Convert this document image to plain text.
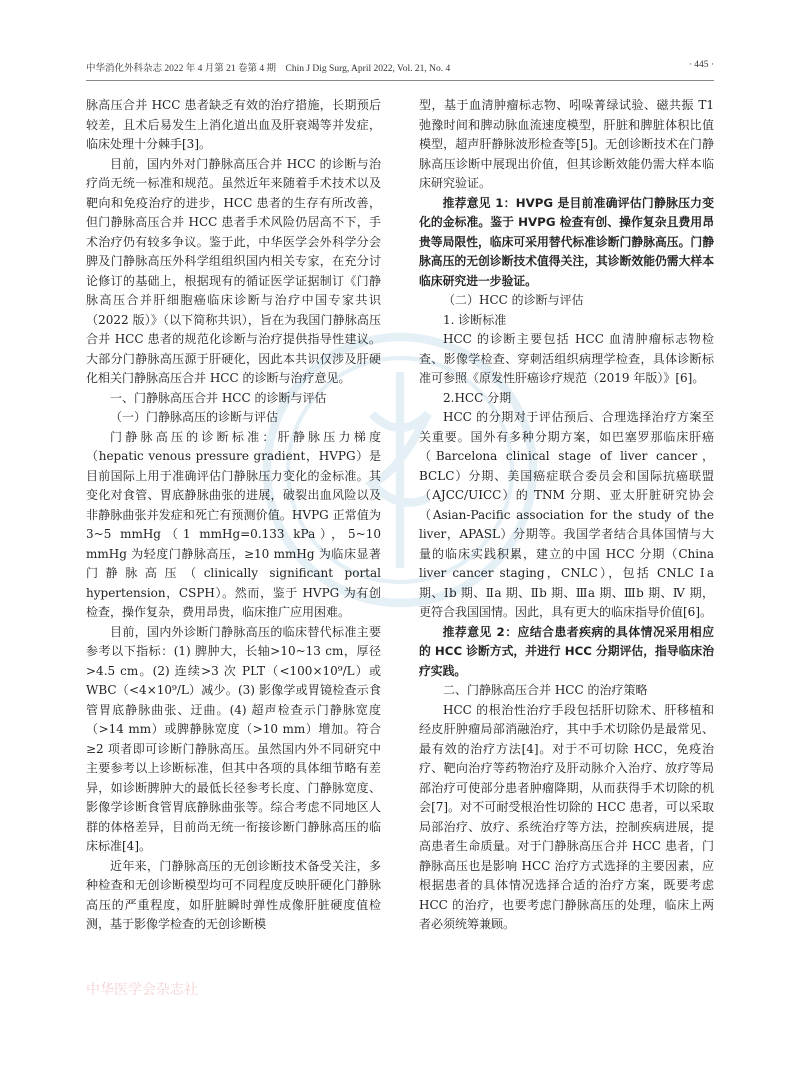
中华消化外科杂志 2022 年 4 月第 21 卷第 4 期　Chin J Dig Surg, April 2022, Vol. 21, No. 4	· 445 ·

脉高压合并 HCC 患者缺乏有效的治疗措施，长期预后较差，且术后易发生上消化道出血及肝衰竭等并发症，临床处理十分棘手[3]。

目前，国内外对门静脉高压合并 HCC 的诊断与治疗尚无统一标准和规范。虽然近年来随着手术技术以及靶向和免疫治疗的进步，HCC 患者的生存有所改善，但门静脉高压合并 HCC 患者手术风险仍居高不下，手术治疗仍有较多争议。鉴于此，中华医学会外科学分会脾及门静脉高压外科学组组织国内相关专家，在充分讨论修订的基础上，根据现有的循证医学证据制订《门静脉高压合并肝细胞癌临床诊断与治疗中国专家共识（2022 版）》（以下简称共识），旨在为我国门静脉高压合并 HCC 患者的规范化诊断与治疗提供指导性建议。大部分门静脉高压源于肝硬化，因此本共识仅涉及肝硬化相关门静脉高压合并 HCC 的诊断与治疗意见。

一、门静脉高压合并 HCC 的诊断与评估

（一）门静脉高压的诊断与评估

门静脉高压的诊断标准：肝静脉压力梯度（hepatic venous pressure gradient，HVPG）是目前国际上用于准确评估门静脉压力变化的金标准。其变化对食管、胃底静脉曲张的进展，破裂出血风险以及非静脉曲张并发症和死亡有预测价值。HVPG 正常值为 3~5 mmHg（1 mmHg=0.133 kPa），5~10 mmHg 为轻度门静脉高压，≥10 mmHg 为临床显著门静脉高压（clinically significant portal hypertension，CSPH）。然而，鉴于 HVPG 为有创检查，操作复杂，费用昂贵，临床推广应用困难。

目前，国内外诊断门静脉高压的临床替代标准主要参考以下指标：(1) 脾肿大，长轴>10~13 cm，厚径>4.5 cm。(2) 连续>3 次 PLT（<100×10⁹/L）或 WBC（<4×10⁹/L）减少。(3) 影像学或胃镜检查示食管胃底静脉曲张、迂曲。(4) 超声检查示门静脉宽度（>14 mm）或脾静脉宽度（>10 mm）增加。符合≥2 项者即可诊断门静脉高压。虽然国内外不同研究中主要参考以上诊断标准，但其中各项的具体细节略有差异，如诊断脾肿大的最低长径参考长度、门静脉宽度、影像学诊断食管胃底静脉曲张等。综合考虑不同地区人群的体格差异，目前尚无统一衔接诊断门静脉高压的临床标准[4]。

近年来，门静脉高压的无创诊断技术备受关注，多种检查和无创诊断模型均可不同程度反映肝硬化门静脉高压的严重程度，如肝脏瞬时弹性成像肝脏硬度值检测，基于影像学检查的无创诊断模

型，基于血清肿瘤标志物、吲哚菁绿试验、磁共振 T1 弛豫时间和脾动脉血流速度模型，肝脏和脾脏体积比值模型，超声肝静脉波形检查等[5]。无创诊断技术在门静脉高压诊断中展现出价值，但其诊断效能仍需大样本临床研究验证。

推荐意见 1：HVPG 是目前准确评估门静脉压力变化的金标准。鉴于 HVPG 检查有创、操作复杂且费用昂贵等局限性，临床可采用替代标准诊断门静脉高压。门静脉高压的无创诊断技术值得关注，其诊断效能仍需大样本临床研究进一步验证。

（二）HCC 的诊断与评估

1. 诊断标准

HCC 的诊断主要包括 HCC 血清肿瘤标志物检查、影像学检查、穿刺活组织病理学检查，具体诊断标准可参照《原发性肝癌诊疗规范（2019 年版）》[6]。

2.HCC 分期

HCC 的分期对于评估预后、合理选择治疗方案至关重要。国外有多种分期方案，如巴塞罗那临床肝癌（Barcelona clinical stage of liver cancer，BCLC）分期、美国癌症联合委员会和国际抗癌联盟（AJCC/UICC）的 TNM 分期、亚太肝脏研究协会（Asian-Pacific association for the study of the liver，APASL）分期等。我国学者结合具体国情与大量的临床实践积累，建立的中国 HCC 分期（China liver cancer staging，CNLC），包括 CNLC Ⅰa 期、Ⅰb 期、Ⅱa 期、Ⅱb 期、Ⅲa 期、Ⅲb 期、Ⅳ 期，更符合我国国情。因此，具有更大的临床指导价值[6]。

推荐意见 2：应结合患者疾病的具体情况采用相应的 HCC 诊断方式，并进行 HCC 分期评估，指导临床治疗实践。

二、门静脉高压合并 HCC 的治疗策略

HCC 的根治性治疗手段包括肝切除术、肝移植和经皮肝肿瘤局部消融治疗，其中手术切除仍是最常见、最有效的治疗方法[4]。对于不可切除 HCC，免疫治疗、靶向治疗等药物治疗及肝动脉介入治疗、放疗等局部治疗可使部分患者肿瘤降期，从而获得手术切除的机会[7]。对不可耐受根治性切除的 HCC 患者，可以采取局部治疗、放疗、系统治疗等方法，控制疾病进展，提高患者生命质量。对于门静脉高压合并 HCC 患者，门静脉高压也是影响 HCC 治疗方式选择的主要因素，应根据患者的具体情况选择合适的治疗方案，既要考虑 HCC 的治疗，也要考虑门静脉高压的处理，临床上两者必须统筹兼顾。

中华医学会杂志社
